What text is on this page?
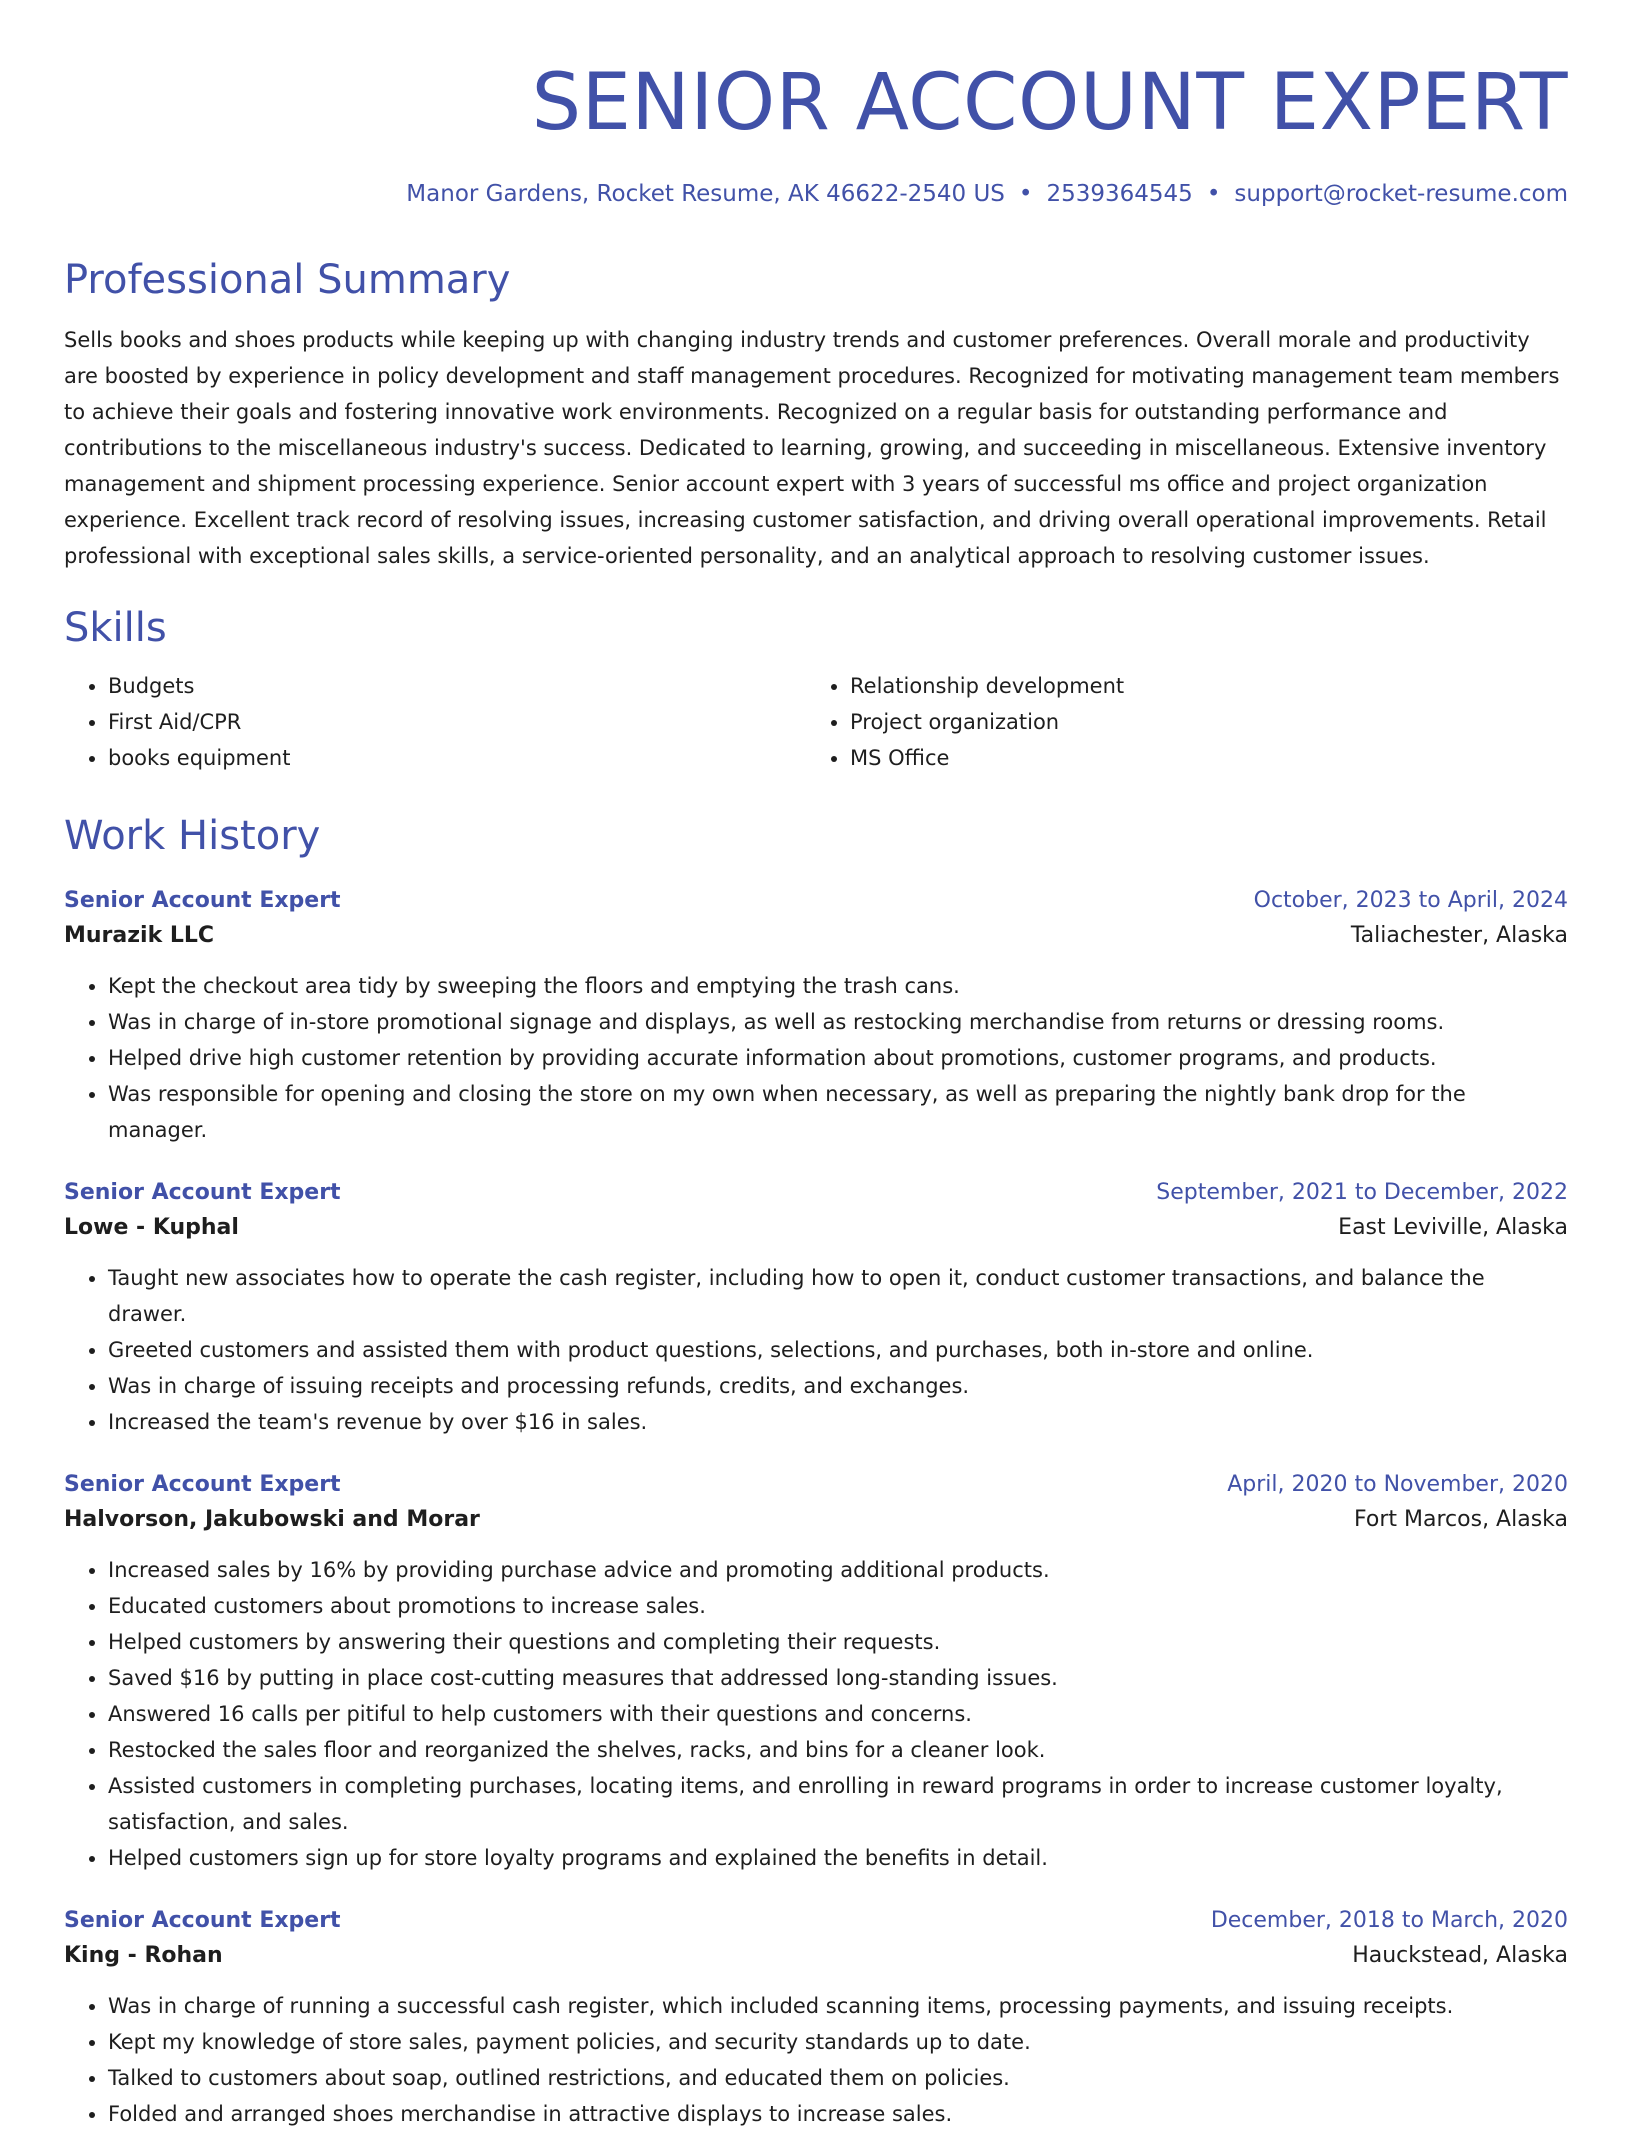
SENIOR ACCOUNT EXPERT
Manor Gardens, Rocket Resume, AK 46622-2540 US • 2539364545 • support@rocket-resume.com
Professional Summary
Sells books and shoes products while keeping up with changing industry trends and customer preferences. Overall morale and productivity are boosted by experience in policy development and staff management procedures. Recognized for motivating management team members to achieve their goals and fostering innovative work environments. Recognized on a regular basis for outstanding performance and contributions to the miscellaneous industry's success. Dedicated to learning, growing, and succeeding in miscellaneous. Extensive inventory management and shipment processing experience. Senior account expert with 3 years of successful ms office and project organization experience. Excellent track record of resolving issues, increasing customer satisfaction, and driving overall operational improvements. Retail professional with exceptional sales skills, a service-oriented personality, and an analytical approach to resolving customer issues.
Skills
• Budgets
• First Aid/CPR
• books equipment
• Relationship development
• Project organization
• MS Office
Work History
Senior Account Expert	October, 2023 to April, 2024
Murazik LLC	Taliachester, Alaska
• Kept the checkout area tidy by sweeping the floors and emptying the trash cans.
• Was in charge of in-store promotional signage and displays, as well as restocking merchandise from returns or dressing rooms.
• Helped drive high customer retention by providing accurate information about promotions, customer programs, and products.
• Was responsible for opening and closing the store on my own when necessary, as well as preparing the nightly bank drop for the manager.
Senior Account Expert	September, 2021 to December, 2022
Lowe - Kuphal	East Leviville, Alaska
• Taught new associates how to operate the cash register, including how to open it, conduct customer transactions, and balance the drawer.
• Greeted customers and assisted them with product questions, selections, and purchases, both in-store and online.
• Was in charge of issuing receipts and processing refunds, credits, and exchanges.
• Increased the team's revenue by over $16 in sales.
Senior Account Expert	April, 2020 to November, 2020
Halvorson, Jakubowski and Morar	Fort Marcos, Alaska
• Increased sales by 16% by providing purchase advice and promoting additional products.
• Educated customers about promotions to increase sales.
• Helped customers by answering their questions and completing their requests.
• Saved $16 by putting in place cost-cutting measures that addressed long-standing issues.
• Answered 16 calls per pitiful to help customers with their questions and concerns.
• Restocked the sales floor and reorganized the shelves, racks, and bins for a cleaner look.
• Assisted customers in completing purchases, locating items, and enrolling in reward programs in order to increase customer loyalty, satisfaction, and sales.
• Helped customers sign up for store loyalty programs and explained the benefits in detail.
Senior Account Expert	December, 2018 to March, 2020
King - Rohan	Hauckstead, Alaska
• Was in charge of running a successful cash register, which included scanning items, processing payments, and issuing receipts.
• Kept my knowledge of store sales, payment policies, and security standards up to date.
• Talked to customers about soap, outlined restrictions, and educated them on policies.
• Folded and arranged shoes merchandise in attractive displays to increase sales.
